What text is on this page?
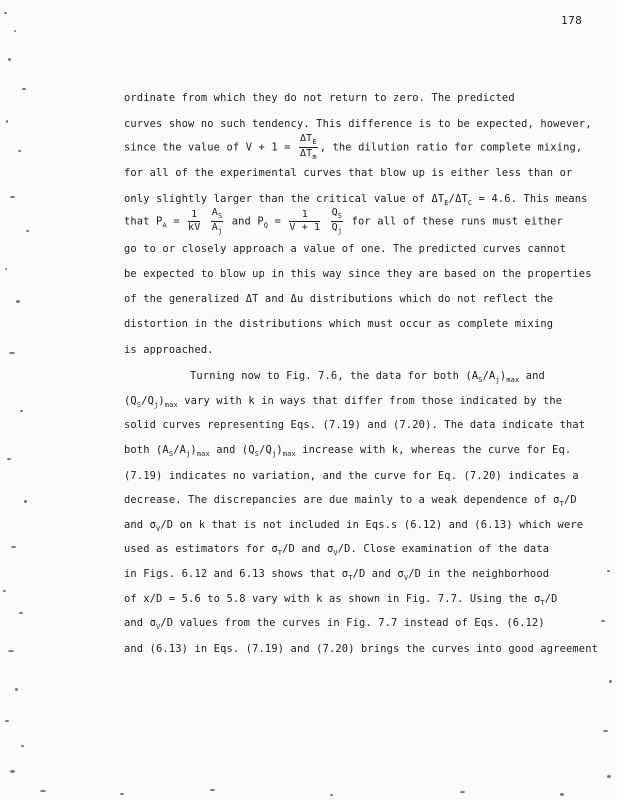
178
ordinate from which they do not return to zero. The predicted
curves show no such tendency. This difference is to be expected, however,
since the value of $V + 1 = \frac{\Delta T_E}{\Delta T_m}$ , the dilution ratio for complete mixing,
for all of the experimental curves that blow up is either less than or
only slightly larger than the critical value of $\Delta T_E/\Delta T_C = 4.6$. This means
that $P_A = \frac{1}{kV}$
$\frac{A_S}{A_j}$ and $P_Q = \frac{1}{V + 1}$
$\frac{Q_S}{Q_j}$ for all of these runs must either
go to or closely approach a value of one. The predicted curves cannot
be expected to blow up in this way since they are based on the properties
of the generalized ΔT and Δu distributions which do not reflect the
distortion in the distributions which must occur as complete mixing
is approached.
Turning now to Fig. 7.6, the data for both $(A_S/A_j)_{max}$ and
$(Q_S/Q_j)_{max}$ vary with k in ways that differ from those indicated by the
solid curves representing Eqs. (7.19) and (7.20). The data indicate that
both $(A_S/A_j)_{max}$ and $(Q_S/Q_j)_{max}$ increase with k, whereas the curve for Eq.
(7.19) indicates no variation, and the curve for Eq. (7.20) indicates a
decrease. The discrepancies are due mainly to a weak dependence of $\sigma_T/D$
and $\sigma_V/D$ on k that is not included in Eqs.s (6.12) and (6.13) which were
used as estimators for $\sigma_T/D$ and $\sigma_V/D$. Close examination of the data
in Figs. 6.12 and 6.13 shows that $\sigma_T/D$ and $\sigma_V/D$ in the neighborhood
of x/D = 5.6 to 5.8 vary with k as shown in Fig. 7.7. Using the $\sigma_T/D$
and $\sigma_V/D$ values from the curves in Fig. 7.7 instead of Eqs. (6.12)
and (6.13) in Eqs. (7.19) and (7.20) brings the curves into good agreement
